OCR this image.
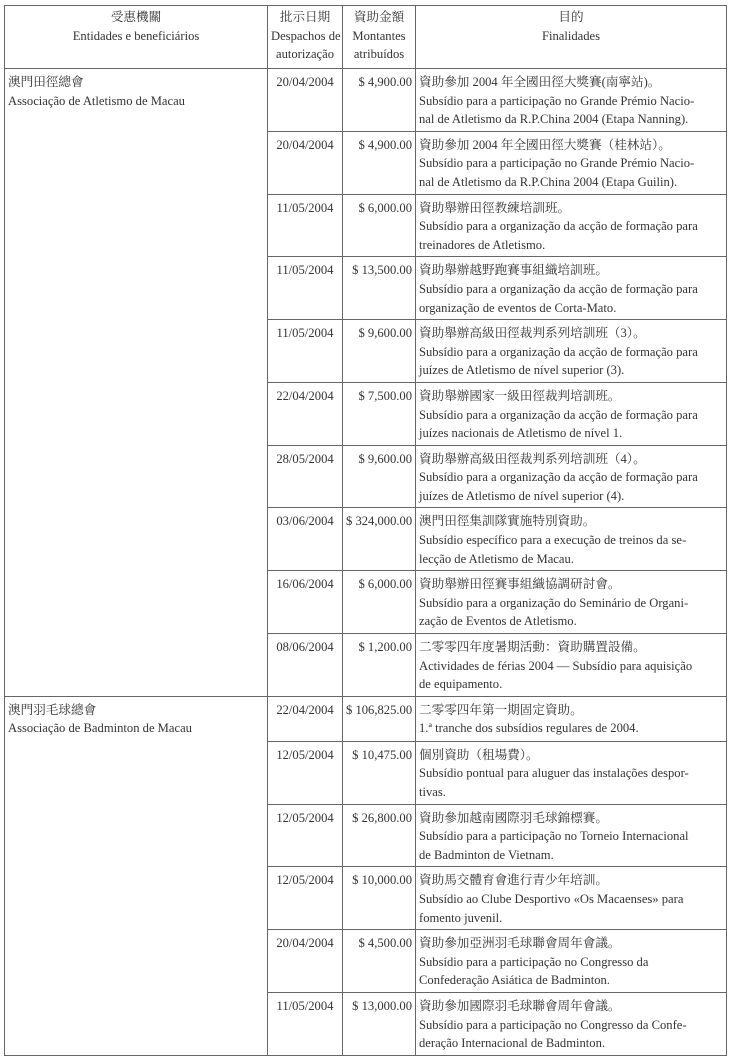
受惠機關
Entidades e beneficiários	批示日期
Despachos de
autorização	資助金額
Montantes
atribuídos	目的
Finalidades

澳門田徑總會
Associação de Atletismo de Macau	20/04/2004	$ 4,900.00	資助參加 2004 年全國田徑大獎賽(南寧站)。
Subsídio para a participação no Grande Prémio Nacio-
nal de Atletismo da R.P.China 2004 (Etapa Nanning).

	20/04/2004	$ 4,900.00	資助參加 2004 年全國田徑大獎賽（桂林站）。
Subsídio para a participação no Grande Prémio Nacio-
nal de Atletismo da R.P.China 2004 (Etapa Guilin).

	11/05/2004	$ 6,000.00	資助舉辦田徑教練培訓班。
Subsídio para a organização da acção de formação para
treinadores de Atletismo.

	11/05/2004	$ 13,500.00	資助舉辦越野跑賽事組織培訓班。
Subsídio para a organização da acção de formação para
organização de eventos de Corta-Mato.

	11/05/2004	$ 9,600.00	資助舉辦高級田徑裁判系列培訓班（3）。
Subsídio para a organização da acção de formação para
juízes de Atletismo de nível superior (3).

	22/04/2004	$ 7,500.00	資助舉辦國家一級田徑裁判培訓班。
Subsídio para a organização da acção de formação para
juízes nacionais de Atletismo de nível 1.

	28/05/2004	$ 9,600.00	資助舉辦高級田徑裁判系列培訓班（4）。
Subsídio para a organização da acção de formação para
juízes de Atletismo de nível superior (4).

	03/06/2004	$ 324,000.00	澳門田徑集訓隊實施特別資助。
Subsídio específico para a execução de treinos da se-
lecção de Atletismo de Macau.

	16/06/2004	$ 6,000.00	資助舉辦田徑賽事組織協調研討會。
Subsídio para a organização do Seminário de Organi-
zação de Eventos de Atletismo.

	08/06/2004	$ 1,200.00	二零零四年度暑期活動：資助購置設備。
Actividades de férias 2004 — Subsídio para aquisição
de equipamento.

澳門羽毛球總會
Associação de Badminton de Macau	22/04/2004	$ 106,825.00	二零零四年第一期固定資助。
1.ª tranche dos subsídios regulares de 2004.

	12/05/2004	$ 10,475.00	個別資助（租場費）。
Subsídio pontual para aluguer das instalações despor-
tivas.

	12/05/2004	$ 26,800.00	資助參加越南國際羽毛球錦標賽。
Subsídio para a participação no Torneio Internacional
de Badminton de Vietnam.

	12/05/2004	$ 10,000.00	資助馬交體育會進行青少年培訓。
Subsídio ao Clube Desportivo «Os Macaenses» para
fomento juvenil.

	20/04/2004	$ 4,500.00	資助參加亞洲羽毛球聯會周年會議。
Subsídio para a participação no Congresso da
Confederação Asiática de Badminton.

	11/05/2004	$ 13,000.00	資助參加國際羽毛球聯會周年會議。
Subsídio para a participação no Congresso da Confe-
deração Internacional de Badminton.
